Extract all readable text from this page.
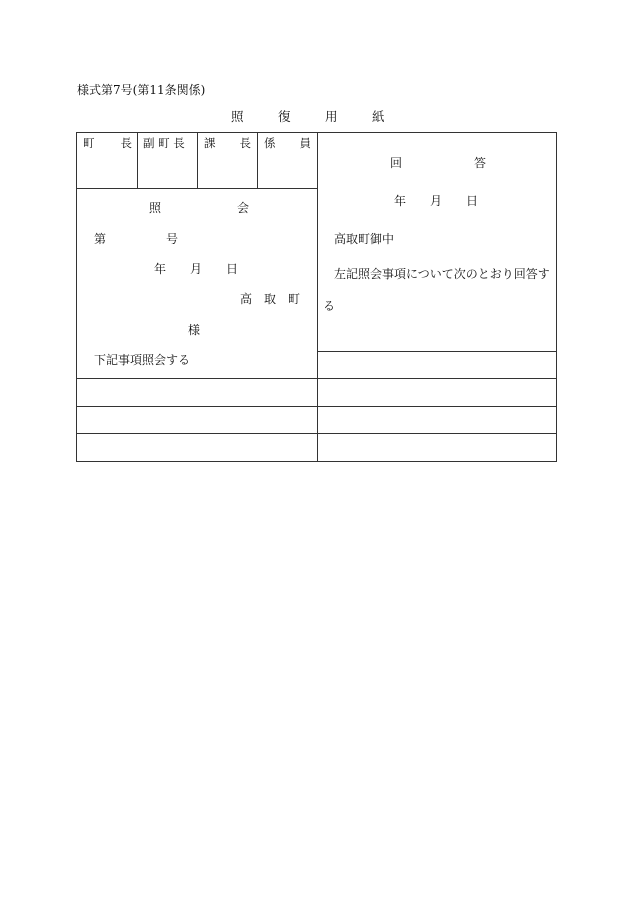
様式第7号(第11条関係)
照	復	用	紙
町 長 副 町 長 課 長 係 員
照	会
第	号
年 月 日
高 取 町
様
下記事項照会する
回	答
年 月 日
高取町御中
左記照会事項について次のとおり回答す
る
